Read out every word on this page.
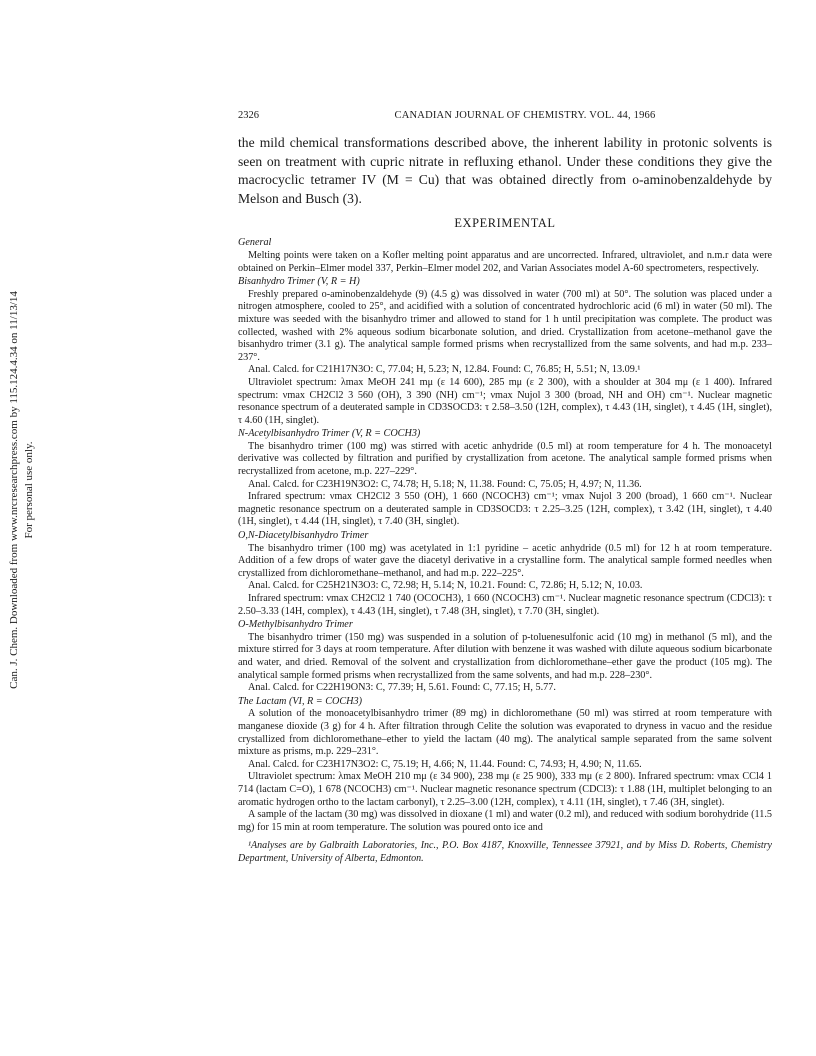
Can. J. Chem. Downloaded from www.nrcresearchpress.com by 115.124.4.34 on 11/13/14 For personal use only.
2326	CANADIAN JOURNAL OF CHEMISTRY. VOL. 44, 1966

the mild chemical transformations described above, the inherent lability in protonic solvents is seen on treatment with cupric nitrate in refluxing ethanol. Under these conditions they give the macrocyclic tetramer IV (M = Cu) that was obtained directly from o-aminobenzaldehyde by Melson and Busch (3).

EXPERIMENTAL
General
Melting points were taken on a Kofler melting point apparatus and are uncorrected. Infrared, ultraviolet, and n.m.r data were obtained on Perkin–Elmer model 337, Perkin–Elmer model 202, and Varian Associates model A-60 spectrometers, respectively.
Bisanhydro Trimer (V, R = H)
Freshly prepared o-aminobenzaldehyde (9) (4.5 g) was dissolved in water (700 ml) at 50°. The solution was placed under a nitrogen atmosphere, cooled to 25°, and acidified with a solution of concentrated hydrochloric acid (6 ml) in water (50 ml). The mixture was seeded with the bisanhydro trimer and allowed to stand for 1 h until precipitation was complete. The product was collected, washed with 2% aqueous sodium bicarbonate solution, and dried. Crystallization from acetone–methanol gave the bisanhydro trimer (3.1 g). The analytical sample formed prisms when recrystallized from the same solvents, and had m.p. 233–237°.
Anal. Calcd. for C21H17N3O: C, 77.04; H, 5.23; N, 12.84. Found: C, 76.85; H, 5.51; N, 13.09.¹
Ultraviolet spectrum: λmax MeOH 241 mμ (ε 14 600), 285 mμ (ε 2 300), with a shoulder at 304 mμ (ε 1 400). Infrared spectrum: νmax CH2Cl2 3 560 (OH), 3 390 (NH) cm⁻¹; νmax Nujol 3 300 (broad, NH and OH) cm⁻¹. Nuclear magnetic resonance spectrum of a deuterated sample in CD3SOCD3: τ 2.58–3.50 (12H, complex), τ 4.43 (1H, singlet), τ 4.45 (1H, singlet), τ 4.60 (1H, singlet).
N-Acetylbisanhydro Trimer (V, R = COCH3)
The bisanhydro trimer (100 mg) was stirred with acetic anhydride (0.5 ml) at room temperature for 4 h. The monoacetyl derivative was collected by filtration and purified by crystallization from acetone. The analytical sample formed prisms when recrystallized from acetone, m.p. 227–229°.
Anal. Calcd. for C23H19N3O2: C, 74.78; H, 5.18; N, 11.38. Found: C, 75.05; H, 4.97; N, 11.36.
Infrared spectrum: νmax CH2Cl2 3 550 (OH), 1 660 (NCOCH3) cm⁻¹; νmax Nujol 3 200 (broad), 1 660 cm⁻¹. Nuclear magnetic resonance spectrum on a deuterated sample in CD3SOCD3: τ 2.25–3.25 (12H, complex), τ 3.42 (1H, singlet), τ 4.40 (1H, singlet), τ 4.44 (1H, singlet), τ 7.40 (3H, singlet).
O,N-Diacetylbisanhydro Trimer
The bisanhydro trimer (100 mg) was acetylated in 1:1 pyridine – acetic anhydride (0.5 ml) for 12 h at room temperature. Addition of a few drops of water gave the diacetyl derivative in a crystalline form. The analytical sample formed needles when crystallized from dichloromethane–methanol, and had m.p. 222–225°.
Anal. Calcd. for C25H21N3O3: C, 72.98; H, 5.14; N, 10.21. Found: C, 72.86; H, 5.12; N, 10.03.
Infrared spectrum: νmax CH2Cl2 1 740 (OCOCH3), 1 660 (NCOCH3) cm⁻¹. Nuclear magnetic resonance spectrum (CDCl3): τ 2.50–3.33 (14H, complex), τ 4.43 (1H, singlet), τ 7.48 (3H, singlet), τ 7.70 (3H, singlet).
O-Methylbisanhydro Trimer
The bisanhydro trimer (150 mg) was suspended in a solution of p-toluenesulfonic acid (10 mg) in methanol (5 ml), and the mixture stirred for 3 days at room temperature. After dilution with benzene it was washed with dilute aqueous sodium bicarbonate and water, and dried. Removal of the solvent and crystallization from dichloromethane–ether gave the product (105 mg). The analytical sample formed prisms when recrystallized from the same solvents, and had m.p. 228–230°.
Anal. Calcd. for C22H19ON3: C, 77.39; H, 5.61. Found: C, 77.15; H, 5.77.
The Lactam (VI, R = COCH3)
A solution of the monoacetylbisanhydro trimer (89 mg) in dichloromethane (50 ml) was stirred at room temperature with manganese dioxide (3 g) for 4 h. After filtration through Celite the solution was evaporated to dryness in vacuo and the residue crystallized from dichloromethane–ether to yield the lactam (40 mg). The analytical sample separated from the same solvent mixture as prisms, m.p. 229–231°.
Anal. Calcd. for C23H17N3O2: C, 75.19; H, 4.66; N, 11.44. Found: C, 74.93; H, 4.90; N, 11.65.
Ultraviolet spectrum: λmax MeOH 210 mμ (ε 34 900), 238 mμ (ε 25 900), 333 mμ (ε 2 800). Infrared spectrum: νmax CCl4 1 714 (lactam C=O), 1 678 (NCOCH3) cm⁻¹. Nuclear magnetic resonance spectrum (CDCl3): τ 1.88 (1H, multiplet belonging to an aromatic hydrogen ortho to the lactam carbonyl), τ 2.25–3.00 (12H, complex), τ 4.11 (1H, singlet), τ 7.46 (3H, singlet).
A sample of the lactam (30 mg) was dissolved in dioxane (1 ml) and water (0.2 ml), and reduced with sodium borohydride (11.5 mg) for 15 min at room temperature. The solution was poured onto ice and
¹Analyses are by Galbraith Laboratories, Inc., P.O. Box 4187, Knoxville, Tennessee 37921, and by Miss D. Roberts, Chemistry Department, University of Alberta, Edmonton.
